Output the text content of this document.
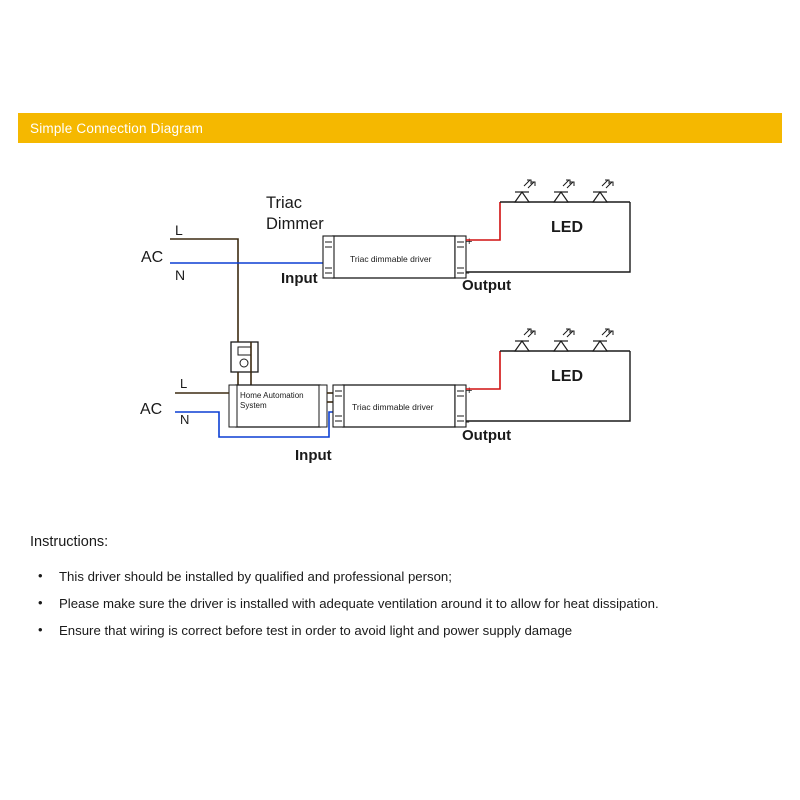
Simple Connection Diagram
AC
L
N
Triac
Dimmer
Triac dimmable driver
Input	Output
+
-
LED
Home Automation
System
AC
L
N
Triac dimmable driver
Input
Output
+
-
LED
Instructions:
• This driver should be installed by qualified and professional person;
• Please make sure the driver is installed with adequate ventilation around it to allow for heat dissipation.
• Ensure that wiring is correct before test in order to avoid light and power supply damage
